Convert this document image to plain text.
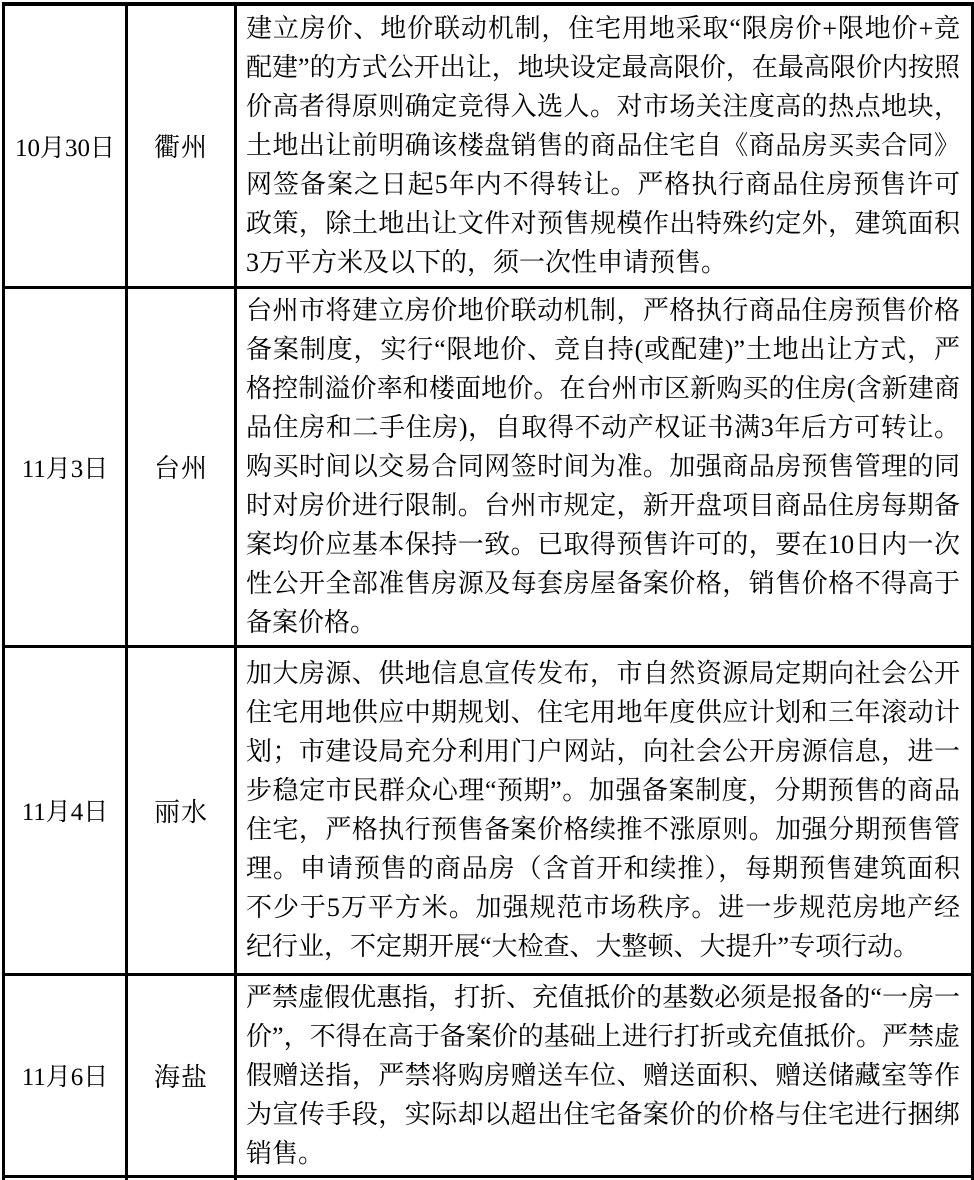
10月30日	衢州	建立房价、地价联动机制，住宅用地采取“限房价+限地价+竞配建”的方式公开出让，地块设定最高限价，在最高限价内按照价高者得原则确定竞得入选人。对市场关注度高的热点地块，土地出让前明确该楼盘销售的商品住宅自《商品房买卖合同》网签备案之日起5年内不得转让。严格执行商品住房预售许可政策，除土地出让文件对预售规模作出特殊约定外，建筑面积3万平方米及以下的，须一次性申请预售。
11月3日	台州	台州市将建立房价地价联动机制，严格执行商品住房预售价格备案制度，实行“限地价、竞自持(或配建)”土地出让方式，严格控制溢价率和楼面地价。在台州市区新购买的住房(含新建商品住房和二手住房)，自取得不动产权证书满3年后方可转让。购买时间以交易合同网签时间为准。加强商品房预售管理的同时对房价进行限制。台州市规定，新开盘项目商品住房每期备案均价应基本保持一致。已取得预售许可的，要在10日内一次性公开全部准售房源及每套房屋备案价格，销售价格不得高于备案价格。
11月4日	丽水	加大房源、供地信息宣传发布，市自然资源局定期向社会公开住宅用地供应中期规划、住宅用地年度供应计划和三年滚动计划；市建设局充分利用门户网站，向社会公开房源信息，进一步稳定市民群众心理“预期”。加强备案制度，分期预售的商品住宅，严格执行预售备案价格续推不涨原则。加强分期预售管理。申请预售的商品房（含首开和续推），每期预售建筑面积不少于5万平方米。加强规范市场秩序。进一步规范房地产经纪行业，不定期开展“大检查、大整顿、大提升”专项行动。
11月6日	海盐	严禁虚假优惠指，打折、充值抵价的基数必须是报备的“一房一价”，不得在高于备案价的基础上进行打折或充值抵价。严禁虚假赠送指，严禁将购房赠送车位、赠送面积、赠送储藏室等作为宣传手段，实际却以超出住宅备案价的价格与住宅进行捆绑销售。
